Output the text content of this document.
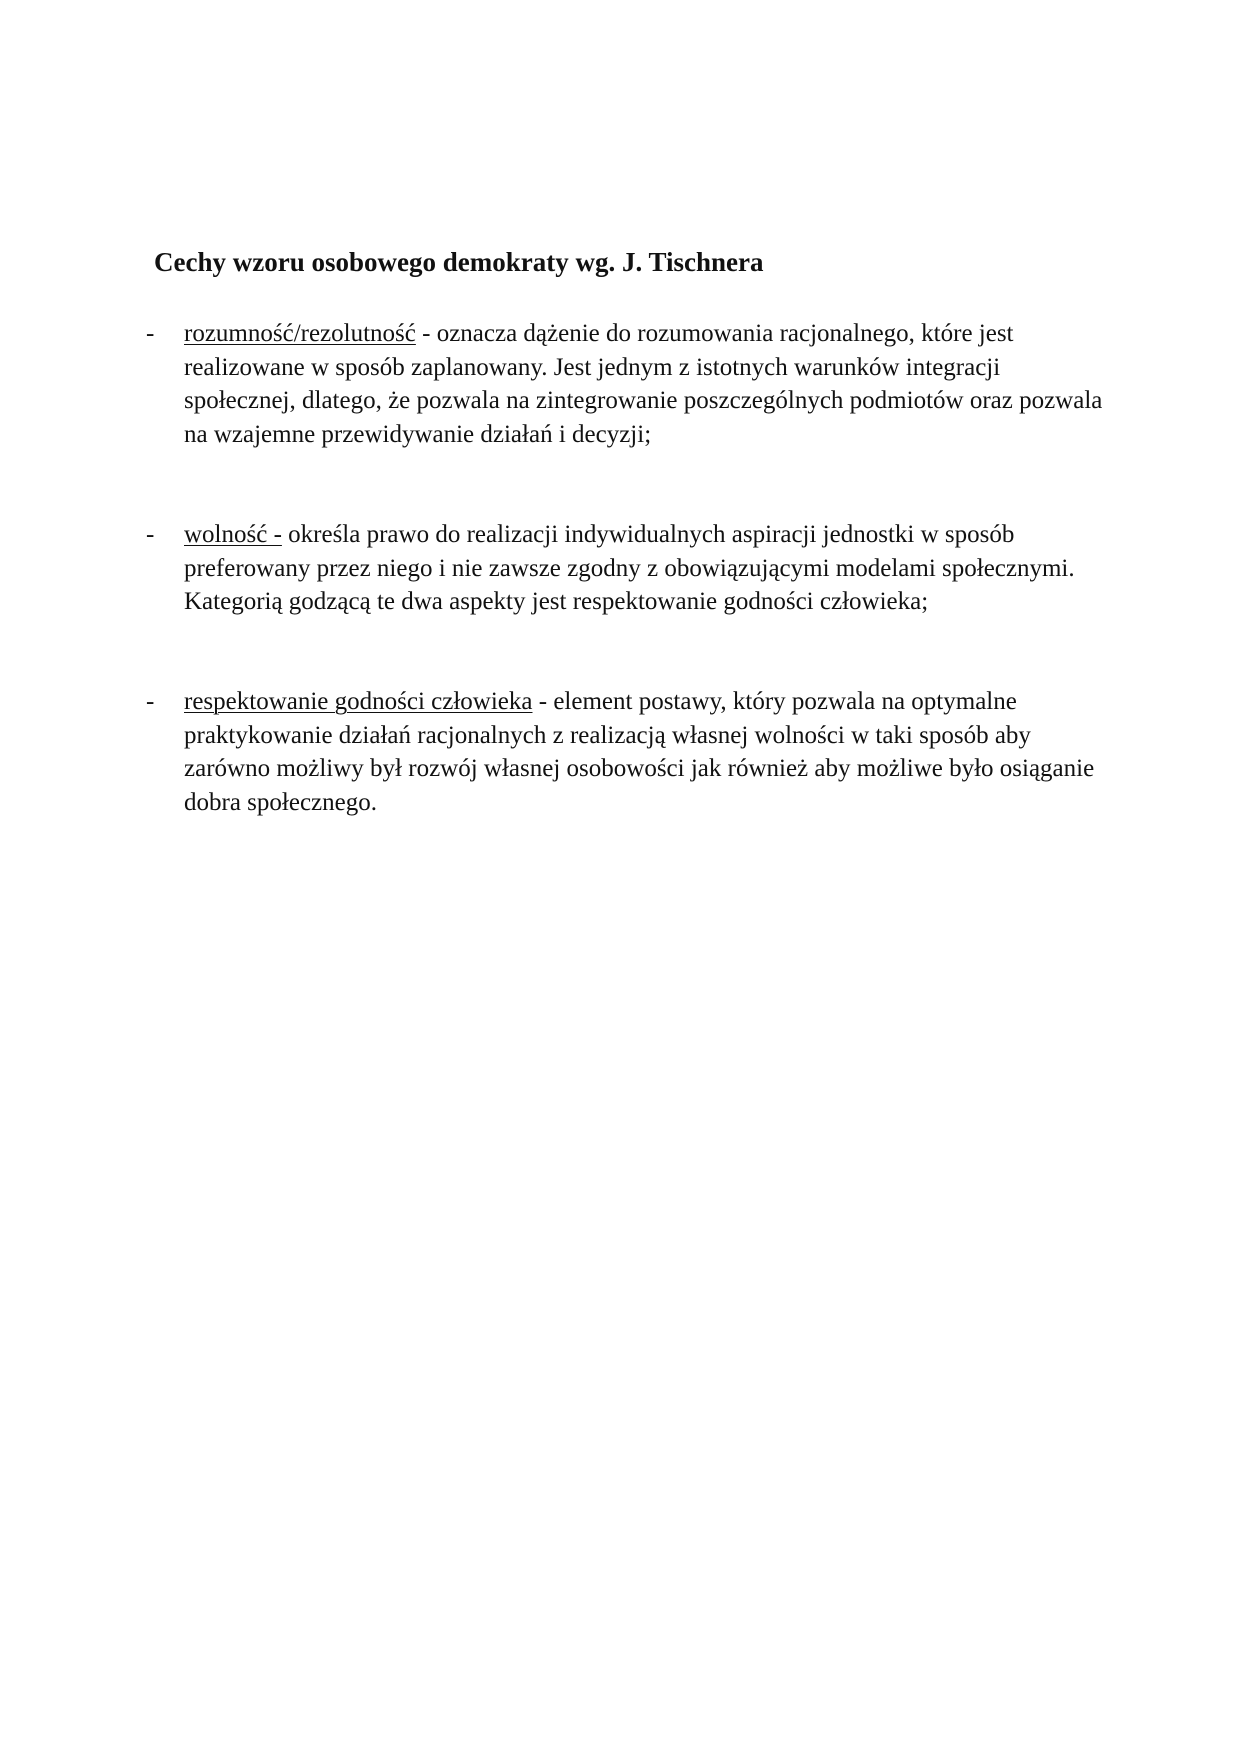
Cechy wzoru osobowego demokraty wg. J. Tischnera
- rozumność/rezolutność - oznacza dążenie do rozumowania racjonalnego, które jest realizowane w sposób zaplanowany. Jest jednym z istotnych warunków integracji społecznej, dlatego, że pozwala na zintegrowanie poszczególnych podmiotów oraz pozwala na wzajemne przewidywanie działań i decyzji;

- wolność - określa prawo do realizacji indywidualnych aspiracji jednostki w sposób preferowany przez niego i nie zawsze zgodny z obowiązującymi modelami społecznymi. Kategorią godzącą te dwa aspekty jest respektowanie godności człowieka;

- respektowanie godności człowieka - element postawy, który pozwala na optymalne praktykowanie działań racjonalnych z realizacją własnej wolności w taki sposób aby zarówno możliwy był rozwój własnej osobowości jak również aby możliwe było osiąganie dobra społecznego.
